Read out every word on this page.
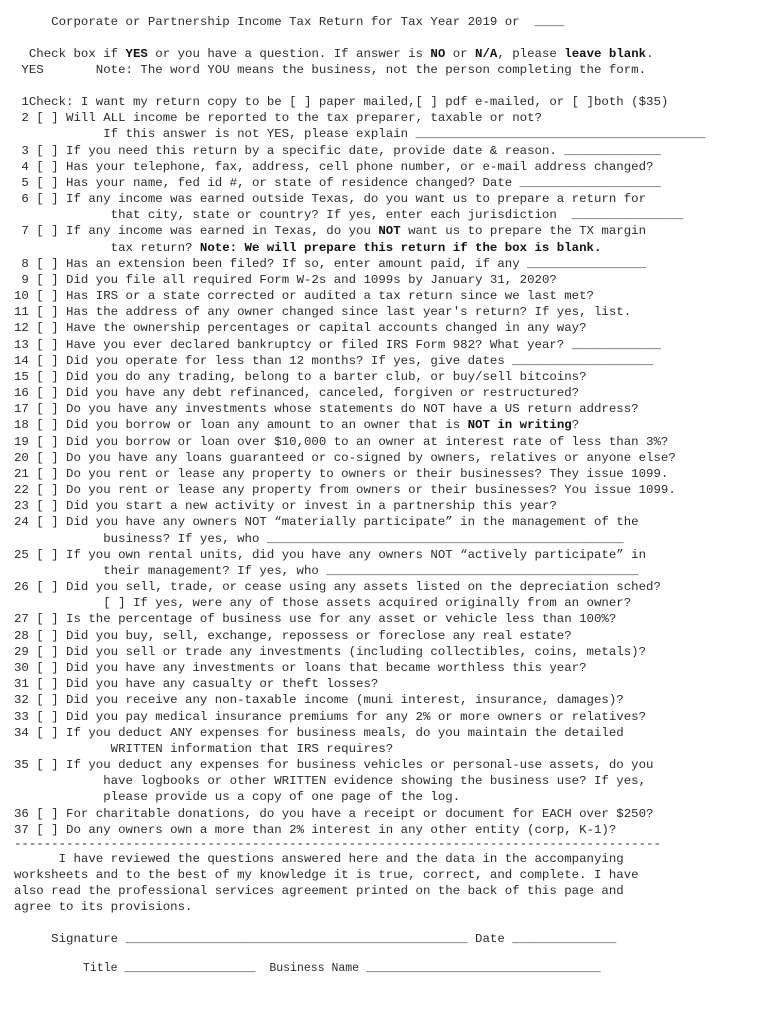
Corporate or Partnership Income Tax Return for Tax Year 2019 or  ____
Check box if YES or you have a question. If answer is NO or N/A, please leave blank.
YES       Note: The word YOU means the business, not the person completing the form.
1Check: I want my return copy to be [ ] paper mailed,[ ] pdf e-mailed, or [ ]both ($35)
2 [ ] Will ALL income be reported to the tax preparer, taxable or not?
If this answer is not YES, please explain _______________________________________
3 [ ] If you need this return by a specific date, provide date & reason. _____________
4 [ ] Has your telephone, fax, address, cell phone number, or e-mail address changed?
5 [ ] Has your name, fed id #, or state of residence changed? Date ___________________
6 [ ] If any income was earned outside Texas, do you want us to prepare a return for
that city, state or country? If yes, enter each jurisdiction  _______________
7 [ ] If any income was earned in Texas, do you NOT want us to prepare the TX margin
tax return? Note: We will prepare this return if the box is blank.
8 [ ] Has an extension been filed? If so, enter amount paid, if any ________________
9 [ ] Did you file all required Form W-2s and 1099s by January 31, 2020?
10 [ ] Has IRS or a state corrected or audited a tax return since we last met?
11 [ ] Has the address of any owner changed since last year's return? If yes, list.
12 [ ] Have the ownership percentages or capital accounts changed in any way?
13 [ ] Have you ever declared bankruptcy or filed IRS Form 982? What year? ____________
14 [ ] Did you operate for less than 12 months? If yes, give dates ___________________
15 [ ] Did you do any trading, belong to a barter club, or buy/sell bitcoins?
16 [ ] Did you have any debt refinanced, canceled, forgiven or restructured?
17 [ ] Do you have any investments whose statements do NOT have a US return address?
18 [ ] Did you borrow or loan any amount to an owner that is NOT in writing?
19 [ ] Did you borrow or loan over $10,000 to an owner at interest rate of less than 3%?
20 [ ] Do you have any loans guaranteed or co-signed by owners, relatives or anyone else?
21 [ ] Do you rent or lease any property to owners or their businesses? They issue 1099.
22 [ ] Do you rent or lease any property from owners or their businesses? You issue 1099.
23 [ ] Did you start a new activity or invest in a partnership this year?
24 [ ] Did you have any owners NOT “materially participate” in the management of the
business? If yes, who ________________________________________________
25 [ ] If you own rental units, did you have any owners NOT “actively participate” in
their management? If yes, who __________________________________________
26 [ ] Did you sell, trade, or cease using any assets listed on the depreciation sched?
[ ] If yes, were any of those assets acquired originally from an owner?
27 [ ] Is the percentage of business use for any asset or vehicle less than 100%?
28 [ ] Did you buy, sell, exchange, repossess or foreclose any real estate?
29 [ ] Did you sell or trade any investments (including collectibles, coins, metals)?
30 [ ] Did you have any investments or loans that became worthless this year?
31 [ ] Did you have any casualty or theft losses?
32 [ ] Did you receive any non-taxable income (muni interest, insurance, damages)?
33 [ ] Did you pay medical insurance premiums for any 2% or more owners or relatives?
34 [ ] If you deduct ANY expenses for business meals, do you maintain the detailed
WRITTEN information that IRS requires?
35 [ ] If you deduct any expenses for business vehicles or personal-use assets, do you
have logbooks or other WRITTEN evidence showing the business use? If yes,
please provide us a copy of one page of the log.
36 [ ] For charitable donations, do you have a receipt or document for EACH over $250?
37 [ ] Do any owners own a more than 2% interest in any other entity (corp, K-1)?
---------------------------------------------------------------------------------------
I have reviewed the questions answered here and the data in the accompanying
worksheets and to the best of my knowledge it is true, correct, and complete. I have
also read the professional services agreement printed on the back of this page and
agree to its provisions.
Signature ______________________________________________ Date ______________
Title ___________________  Business Name __________________________________
